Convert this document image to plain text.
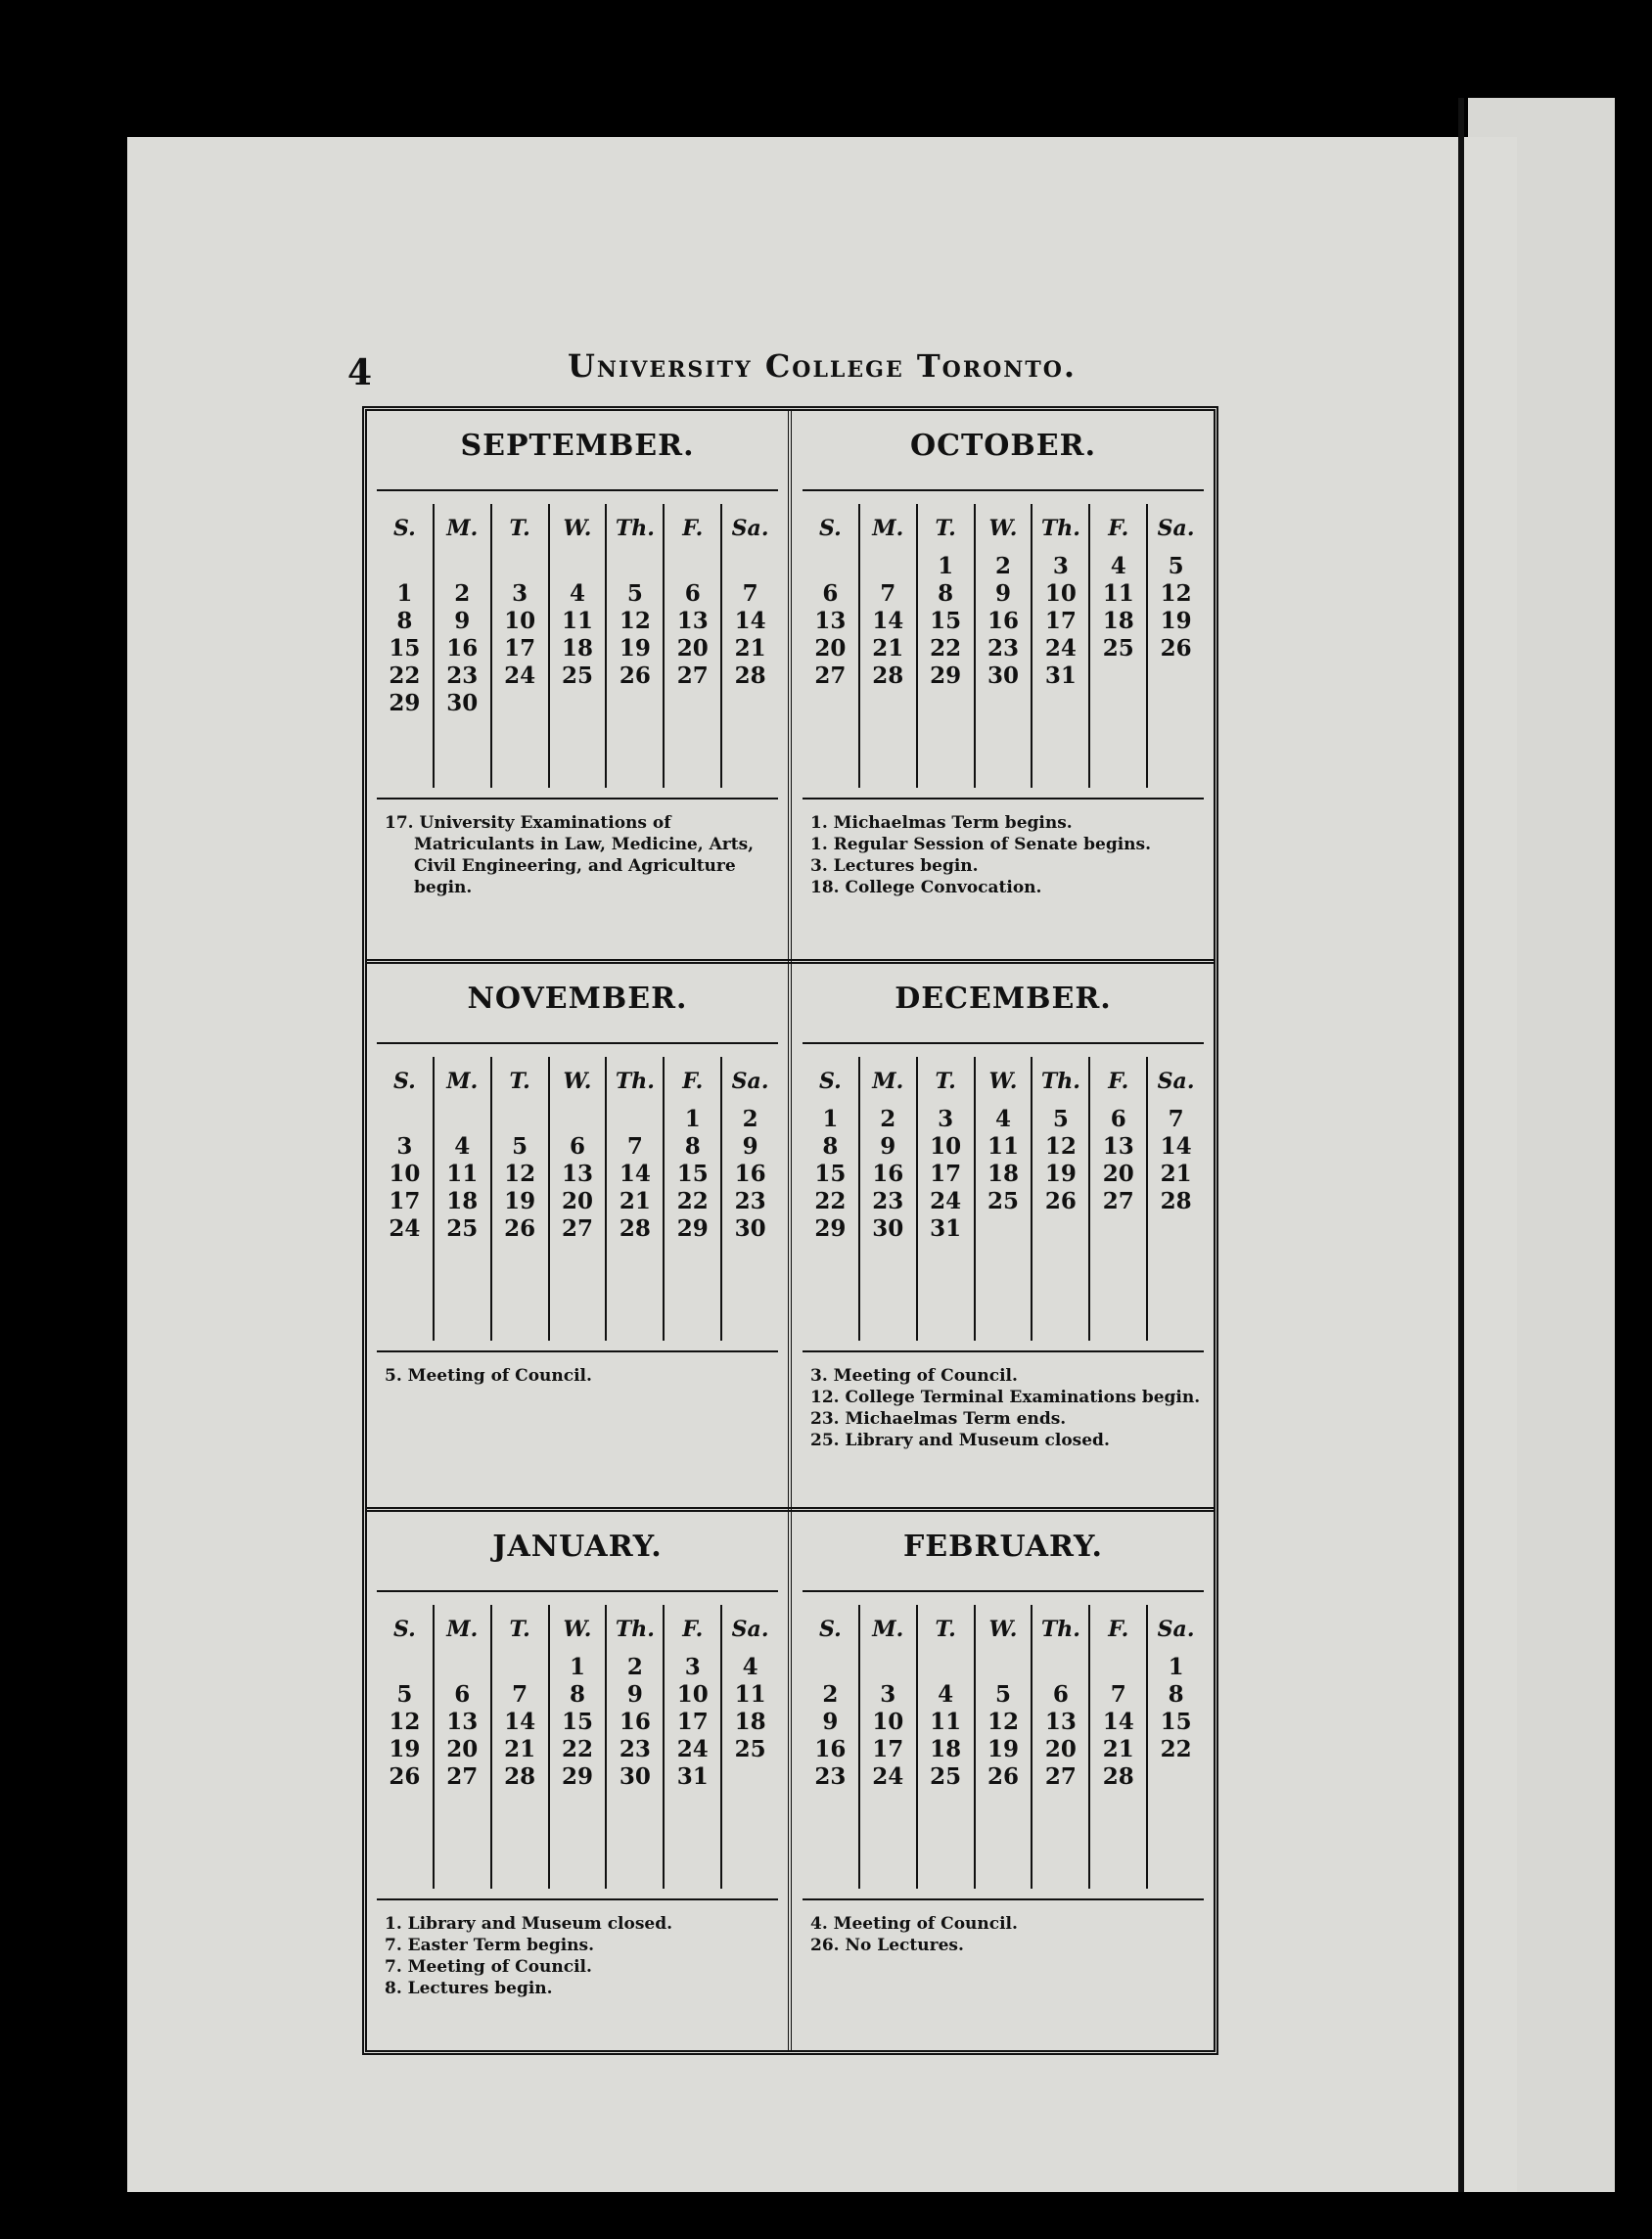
4	University College Toronto.
SEPTEMBER.
S.
1
8
15
22
29
M.
2
9
16
23
30
T.
3
10
17
24
W.
4
11
18
25
Th.
5
12
19
26
F.
6
13
20
27
Sa.
7
14
21
28
17. University Examinations of Matriculants in Law, Medicine, Arts, Civil Engineering, and Agriculture begin.
OCTOBER.
S.
6
13
20
27
M.
7
14
21
28
T.
1
8
15
22
29
W.
2
9
16
23
30
Th.
3
10
17
24
31
F.
4
11
18
25
Sa.
5
12
19
26
1. Michaelmas Term begins.
1. Regular Session of Senate begins.
3. Lectures begin.
18. College Convocation.
NOVEMBER.
S.
3
10
17
24
M.
4
11
18
25
T.
5
12
19
26
W.
6
13
20
27
Th.
7
14
21
28
F.
1
8
15
22
29
Sa.
2
9
16
23
30
5. Meeting of Council.
DECEMBER.
S.
1
8
15
22
29
M.
2
9
16
23
30
T.
3
10
17
24
31
W.
4
11
18
25
Th.
5
12
19
26
F.
6
13
20
27
Sa.
7
14
21
28
3. Meeting of Council.
12. College Terminal Examinations begin.
23. Michaelmas Term ends.
25. Library and Museum closed.
JANUARY.
S.
5
12
19
26
M.
6
13
20
27
T.
7
14
21
28
W.
1
8
15
22
29
Th.
2
9
16
23
30
F.
3
10
17
24
31
Sa.
4
11
18
25
1. Library and Museum closed.
7. Easter Term begins.
7. Meeting of Council.
8. Lectures begin.
FEBRUARY.
S.
2
9
16
23
M.
3
10
17
24
T.
4
11
18
25
W.
5
12
19
26
Th.
6
13
20
27
F.
7
14
21
28
Sa.
1
8
15
22
4. Meeting of Council.
26. No Lectures.
